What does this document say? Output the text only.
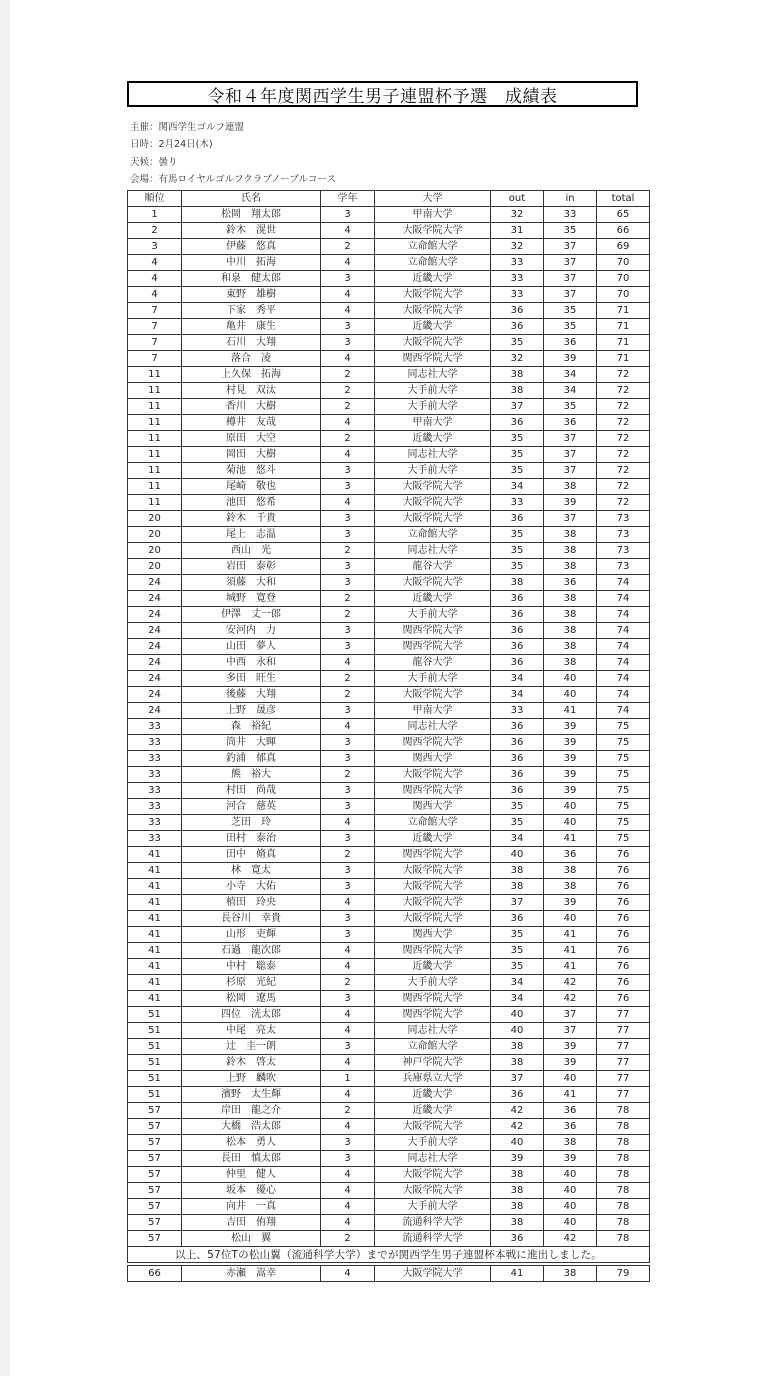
令和４年度関西学生男子連盟杯予選　成績表
主催：関西学生ゴルフ連盟
日時：2月24日(木)
天候：曇り
会場：有馬ロイヤルゴルフクラブノーブルコース
順位	氏名	学年	大学	out	in	total
1	松岡　翔太郎	3	甲南大学	32	33	65
2	鈴木　滉世	4	大阪学院大学	31	35	66
3	伊藤　悠真	2	立命館大学	32	37	69
4	中川　拓海	4	立命館大学	33	37	70
4	和泉　健太郎	3	近畿大学	33	37	70
4	東野　雄樹	4	大阪学院大学	33	37	70
7	下家　秀平	4	大阪学院大学	36	35	71
7	亀井　康生	3	近畿大学	36	35	71
7	石川　大翔	3	大阪学院大学	35	36	71
7	落合　凌	4	関西学院大学	32	39	71
11	上久保　拓海	2	同志社大学	38	34	72
11	村見　双汰	2	大手前大学	38	34	72
11	香川　大樹	2	大手前大学	37	35	72
11	樽井　友哉	4	甲南大学	36	36	72
11	原田　大空	2	近畿大学	35	37	72
11	岡田　大樹	4	同志社大学	35	37	72
11	菊池　悠斗	3	大手前大学	35	37	72
11	尾崎　敬也	3	大阪学院大学	34	38	72
11	池田　悠希	4	大阪学院大学	33	39	72
20	鈴木　千貴	3	大阪学院大学	36	37	73
20	尾上　志温	3	立命館大学	35	38	73
20	西山　光	2	同志社大学	35	38	73
20	岩田　泰彰	3	龍谷大学	35	38	73
24	須藤　大和	3	大阪学院大学	38	36	74
24	城野　寛登	2	近畿大学	36	38	74
24	伊澤　丈一郎	2	大手前大学	36	38	74
24	安河内　力	3	関西学院大学	36	38	74
24	山田　夢人	3	関西学院大学	36	38	74
24	中西　永和	4	龍谷大学	36	38	74
24	多田　旺生	2	大手前大学	34	40	74
24	後藤　大翔	2	大阪学院大学	34	40	74
24	上野　晟彦	3	甲南大学	33	41	74
33	森　裕紀	4	同志社大学	36	39	75
33	筒井　大暉	3	関西学院大学	36	39	75
33	釣浦　郁真	3	関西大学	36	39	75
33	熊　裕大	2	大阪学院大学	36	39	75
33	村田　尚哉	3	関西学院大学	36	39	75
33	河合　慈英	3	関西大学	35	40	75
33	芝田　玲	4	立命館大学	35	40	75
33	田村　泰治	3	近畿大学	34	41	75
41	田中　脩真	2	関西学院大学	40	36	76
41	林　寛太	3	大阪学院大学	38	38	76
41	小寺　大佑	3	大阪学院大学	38	38	76
41	植田　玲央	4	大阪学院大学	37	39	76
41	長谷川　幸貴	3	大阪学院大学	36	40	76
41	山形　吏輝	3	関西大学	35	41	76
41	石過　龍次郎	4	関西学院大学	35	41	76
41	中村　聡泰	4	近畿大学	35	41	76
41	杉原　光紀	2	大手前大学	34	42	76
41	松岡　遼馬	3	関西学院大学	34	42	76
51	四位　洸太郎	4	関西学院大学	40	37	77
51	中尾　亮太	4	同志社大学	40	37	77
51	辻　圭一朗	3	立命館大学	38	39	77
51	鈴木　啓太	4	神戸学院大学	38	39	77
51	上野　麟吹	1	兵庫県立大学	37	40	77
51	濱野　太生輝	4	近畿大学	36	41	77
57	岸田　龍之介	2	近畿大学	42	36	78
57	大橋　浩太郎	4	大阪学院大学	42	36	78
57	松本　勇人	3	大手前大学	40	38	78
57	長田　慎太郎	3	同志社大学	39	39	78
57	仲里　健人	4	大阪学院大学	38	40	78
57	坂本　優心	4	大阪学院大学	38	40	78
57	向井　一真	4	大手前大学	38	40	78
57	吉田　侑翔	4	流通科学大学	38	40	78
57	松山　翼	2	流通科学大学	36	42	78
以上、57位Tの松山翼（流通科学大学）までが関西学生男子連盟杯本戦に進出しました。						

66	赤瀬　嵩幸	4	大阪学院大学	41	38	79
